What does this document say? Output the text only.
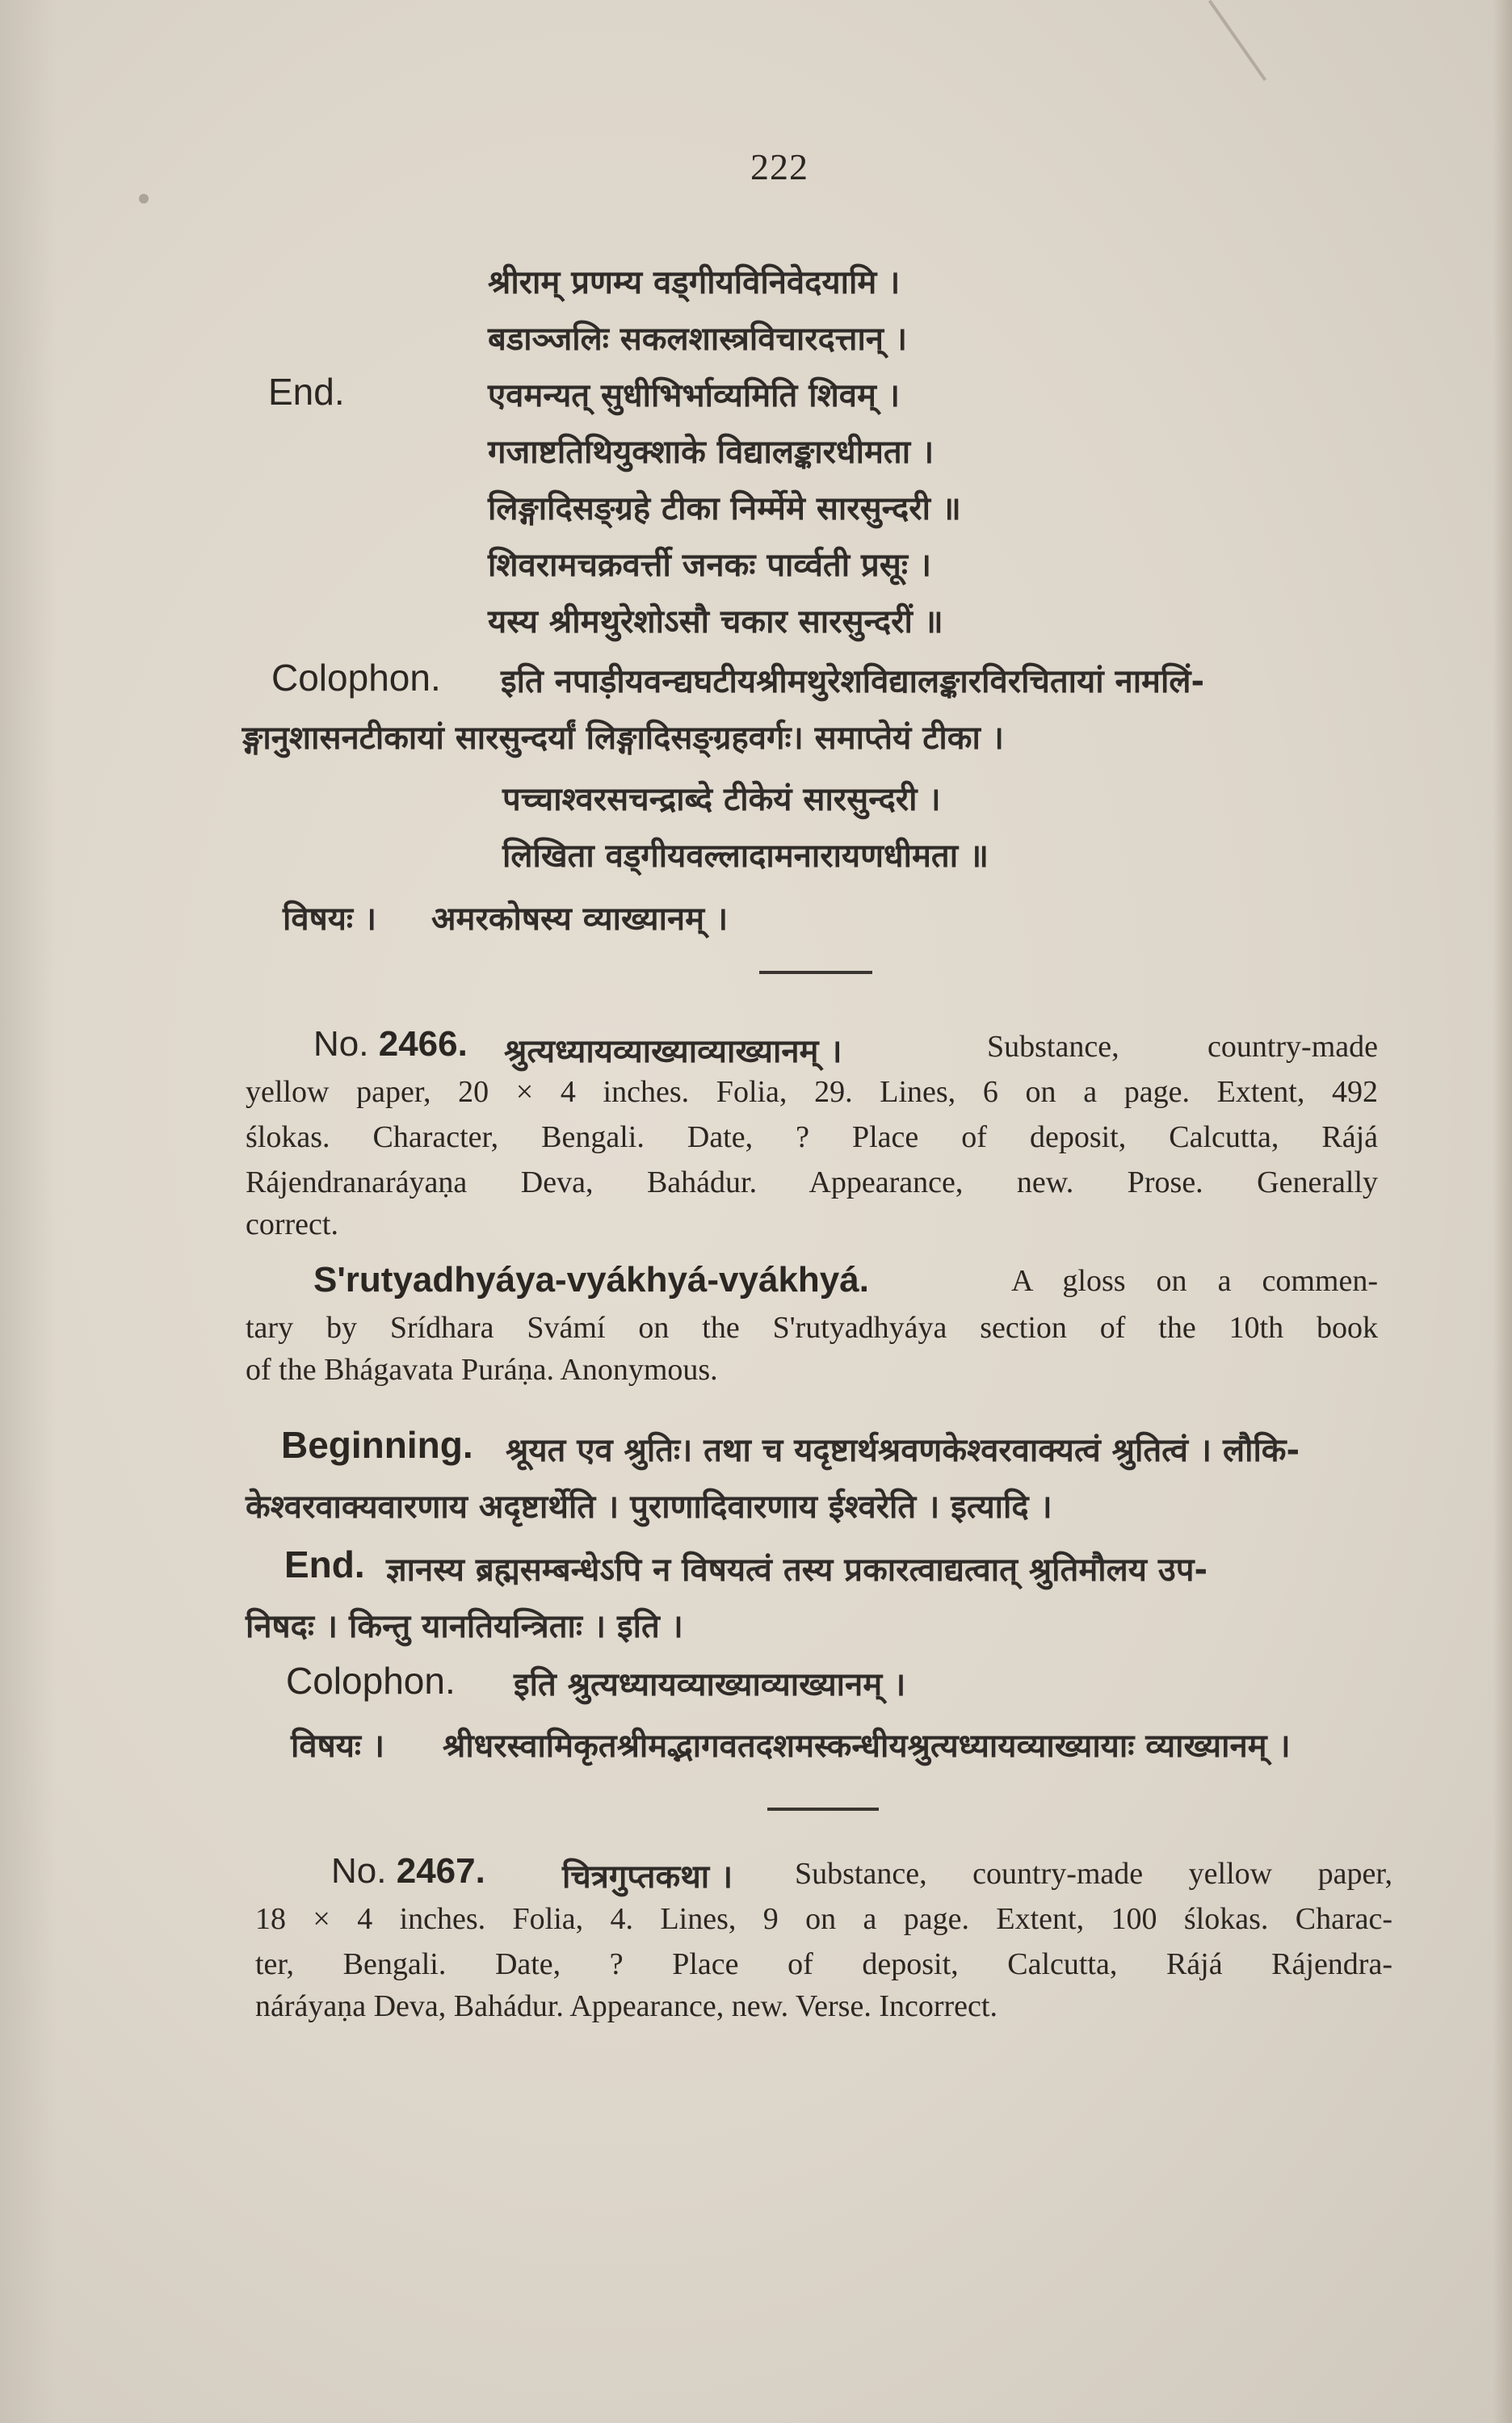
222
श्रीराम् प्रणम्य वड्गीयविनिवेदयामि ।
बडाञ्जलिः सकलशास्त्रविचारदत्तान् ।
End.	एवमन्यत् सुधीभिर्भाव्यमिति शिवम् ।
गजाष्टतिथियुक्शाके विद्यालङ्कारधीमता ।
लिङ्गादिसङ्ग्रहे टीका निर्म्मेमे सारसुन्दरी ॥
शिवरामचक्रवर्त्ती जनकः पार्व्वती प्रसूः ।
यस्य श्रीमथुरेशोऽसौ चकार सारसुन्दरीं ॥
Colophon. इति नपाड़ीयवन्द्यघटीयश्रीमथुरेशविद्यालङ्कारविरचितायां नामलिं-
ङ्गानुशासनटीकायां सारसुन्दर्यां लिङ्गादिसङ्ग्रहवर्गः। समाप्तेयं टीका ।
पच्चाश्वरसचन्द्राब्दे टीकेयं सारसुन्दरी ।
लिखिता वड्गीयवल्लादामनारायणधीमता ॥
विषयः । अमरकोषस्य व्याख्यानम् ।
No. 2466. श्रुत्यध्यायव्याख्याव्याख्यानम् ।	Substance, country-made
yellow paper, 20 × 4 inches. Folia, 29. Lines, 6 on a page. Extent, 492
ślokas. Character, Bengali. Date, ? Place of deposit, Calcutta, Rájá
Rájendranaráyaṇa Deva, Bahádur. Appearance, new. Prose. Generally
correct.
S'rutyadhyáya-vyákhyá-vyákhyá.	A gloss on a commen-
tary by Srídhara Svámí on the S'rutyadhyáya section of the 10th book
of the Bhágavata Puráṇa. Anonymous.
Beginning. श्रूयत एव श्रुतिः। तथा च यदृष्टार्थश्रवणकेश्वरवाक्यत्वं श्रुतित्वं । लौकि-
केश्वरवाक्यवारणाय अदृष्टार्थेति । पुराणादिवारणाय ईश्वरेति । इत्यादि ।
End. ज्ञानस्य ब्रह्मसम्बन्धेऽपि न विषयत्वं तस्य प्रकारत्वाद्यत्वात् श्रुतिमौलय उप-
निषदः । किन्तु यानतियन्त्रिताः । इति ।
Colophon. इति श्रुत्यध्यायव्याख्याव्याख्यानम् ।
विषयः । श्रीधरस्वामिकृतश्रीमद्भागवतदशमस्कन्धीयश्रुत्यध्यायव्याख्यायाः व्याख्यानम् ।
No. 2467. चित्रगुप्तकथा । Substance, country-made yellow paper,
18 × 4 inches. Folia, 4. Lines, 9 on a page. Extent, 100 ślokas. Charac-
ter, Bengali. Date, ? Place of deposit, Calcutta, Rájá Rájendra-
náráyaṇa Deva, Bahádur. Appearance, new. Verse. Incorrect.
